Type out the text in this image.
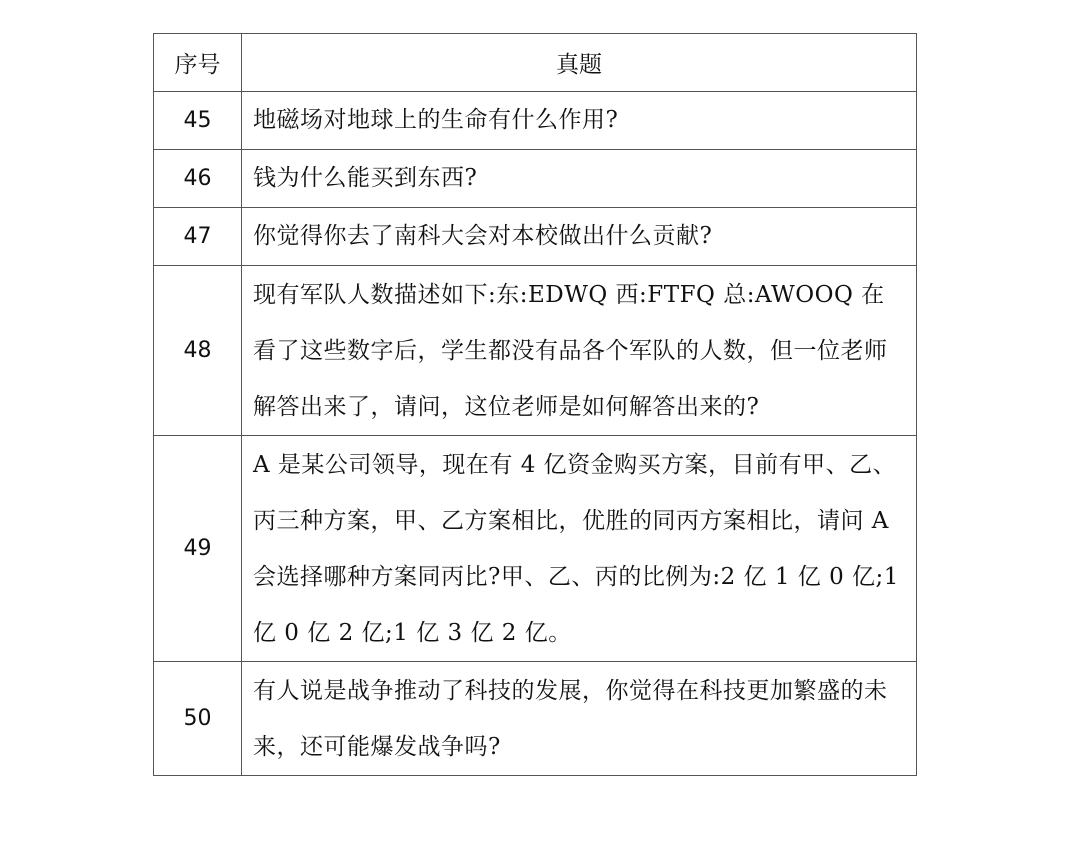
序号	真题
45	地磁场对地球上的生命有什么作用?
46	钱为什么能买到东西?
47	你觉得你去了南科大会对本校做出什么贡献?
48	现有军队人数描述如下:东:EDWQ 西:FTFQ 总:AWOOQ 在看了这些数字后，学生都没有品各个军队的人数，但一位老师解答出来了，请问，这位老师是如何解答出来的?
49	A 是某公司领导，现在有 4 亿资金购买方案，目前有甲、乙、丙三种方案，甲、乙方案相比，优胜的同丙方案相比，请问 A 会选择哪种方案同丙比?甲、乙、丙的比例为:2 亿 1 亿 0 亿;1 亿 0 亿 2 亿;1 亿 3 亿 2 亿。
50	有人说是战争推动了科技的发展，你觉得在科技更加繁盛的未来，还可能爆发战争吗?
